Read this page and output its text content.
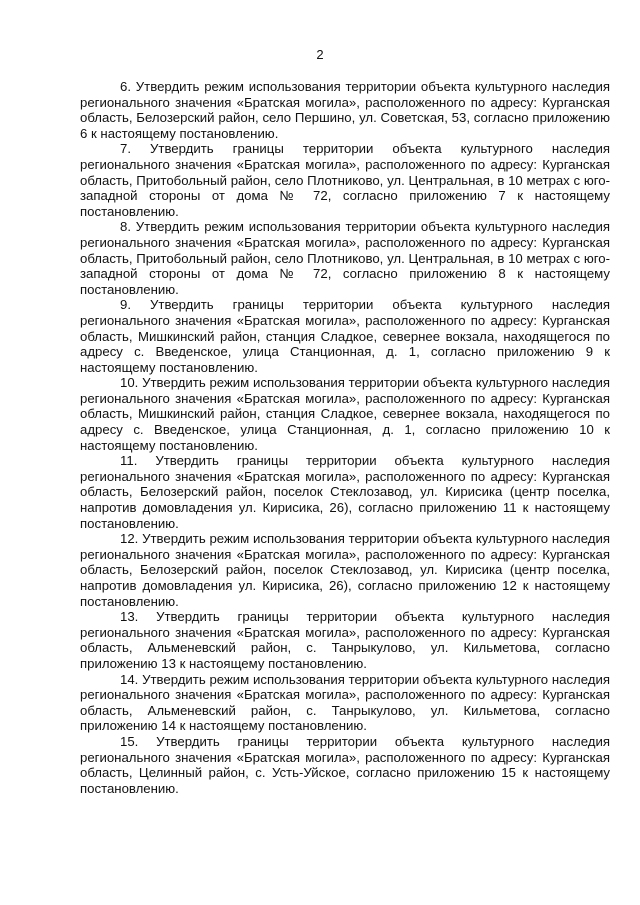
2

6. Утвердить режим использования территории объекта культурного наследия регионального значения «Братская могила», расположенного по адресу: Курганская область, Белозерский район, село Першино, ул. Советская, 53, согласно приложению 6 к настоящему постановлению.

7. Утвердить границы территории объекта культурного наследия регионального значения «Братская могила», расположенного по адресу: Курганская область, Притобольный район, село Плотниково, ул. Центральная, в 10 метрах с юго-западной стороны от дома № 72, согласно приложению 7 к настоящему постановлению.

8. Утвердить режим использования территории объекта культурного наследия регионального значения «Братская могила», расположенного по адресу: Курганская область, Притобольный район, село Плотниково, ул. Центральная, в 10 метрах с юго-западной стороны от дома № 72, согласно приложению 8 к настоящему постановлению.

9. Утвердить границы территории объекта культурного наследия регионального значения «Братская могила», расположенного по адресу: Курганская область, Мишкинский район, станция Сладкое, севернее вокзала, находящегося по адресу с. Введенское, улица Станционная, д. 1, согласно приложению 9 к настоящему постановлению.

10. Утвердить режим использования территории объекта культурного наследия регионального значения «Братская могила», расположенного по адресу: Курганская область, Мишкинский район, станция Сладкое, севернее вокзала, находящегося по адресу с. Введенское, улица Станционная, д. 1, согласно приложению 10 к настоящему постановлению.

11. Утвердить границы территории объекта культурного наследия регионального значения «Братская могила», расположенного по адресу: Курганская область, Белозерский район, поселок Стеклозавод, ул. Кирисика (центр поселка, напротив домовладения ул. Кирисика, 26), согласно приложению 11 к настоящему постановлению.

12. Утвердить режим использования территории объекта культурного наследия регионального значения «Братская могила», расположенного по адресу: Курганская область, Белозерский район, поселок Стеклозавод, ул. Кирисика (центр поселка, напротив домовладения ул. Кирисика, 26), согласно приложению 12 к настоящему постановлению.

13. Утвердить границы территории объекта культурного наследия регионального значения «Братская могила», расположенного по адресу: Курганская область, Альменевский район, с. Танрыкулово, ул. Кильметова, согласно приложению 13 к настоящему постановлению.

14. Утвердить режим использования территории объекта культурного наследия регионального значения «Братская могила», расположенного по адресу: Курганская область, Альменевский район, с. Танрыкулово, ул. Кильметова, согласно приложению 14 к настоящему постановлению.

15. Утвердить границы территории объекта культурного наследия регионального значения «Братская могила», расположенного по адресу: Курганская область, Целинный район, с. Усть-Уйское, согласно приложению 15 к настоящему постановлению.
